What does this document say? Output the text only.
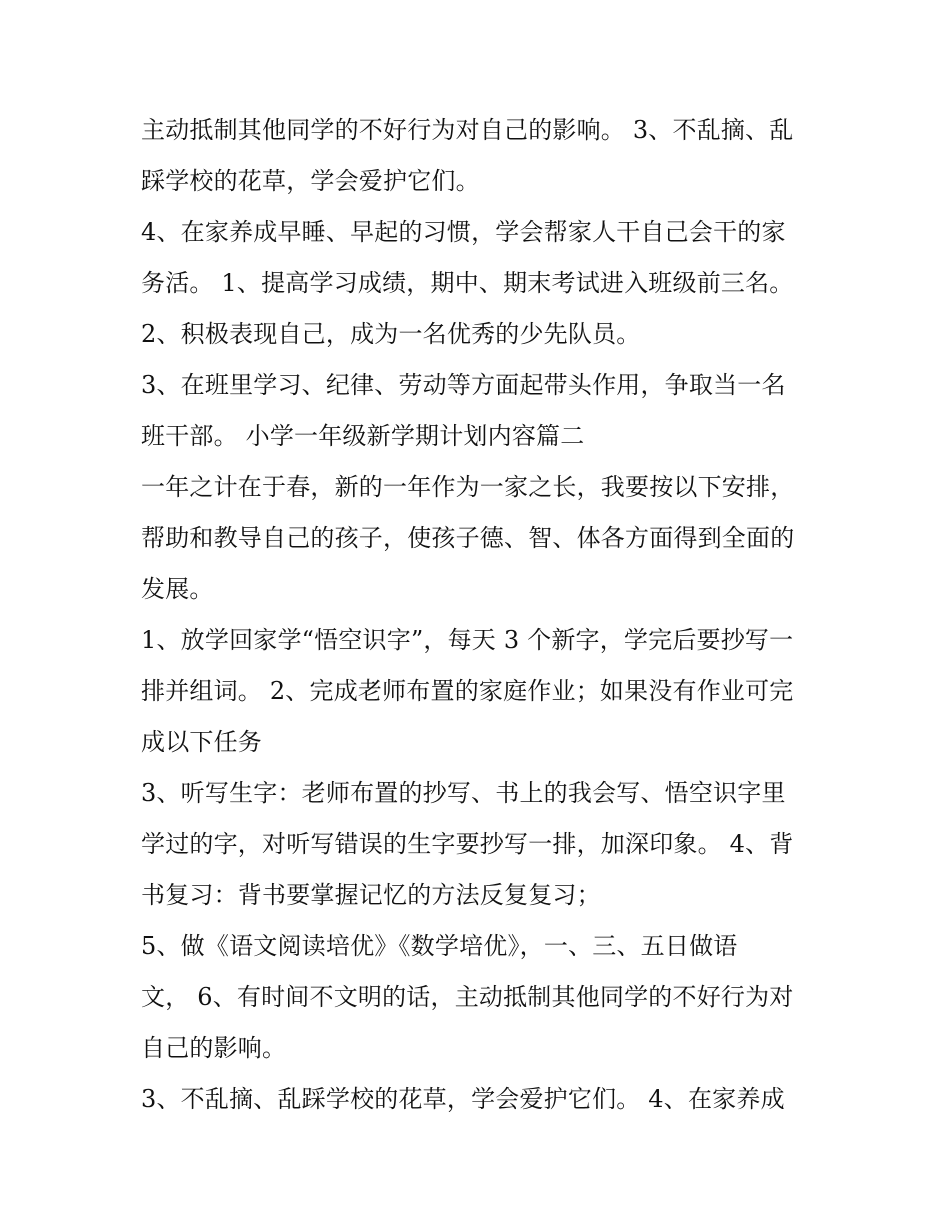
主动抵制其他同学的不好行为对自己的影响。 3、不乱摘、乱
踩学校的花草，学会爱护它们。
4、在家养成早睡、早起的习惯，学会帮家人干自己会干的家
务活。 1、提高学习成绩，期中、期末考试进入班级前三名。
2、积极表现自己，成为一名优秀的少先队员。
3、在班里学习、纪律、劳动等方面起带头作用，争取当一名
班干部。 小学一年级新学期计划内容篇二
一年之计在于春，新的一年作为一家之长，我要按以下安排，
帮助和教导自己的孩子，使孩子德、智、体各方面得到全面的
发展。
1、放学回家学“悟空识字”，每天 3 个新字，学完后要抄写一
排并组词。 2、完成老师布置的家庭作业；如果没有作业可完
成以下任务
3、听写生字：老师布置的抄写、书上的我会写、悟空识字里
学过的字，对听写错误的生字要抄写一排，加深印象。 4、背
书复习：背书要掌握记忆的方法反复复习；
5、做《语文阅读培优》《数学培优》，一、三、五日做语
文， 6、有时间不文明的话，主动抵制其他同学的不好行为对
自己的影响。
3、不乱摘、乱踩学校的花草，学会爱护它们。 4、在家养成
